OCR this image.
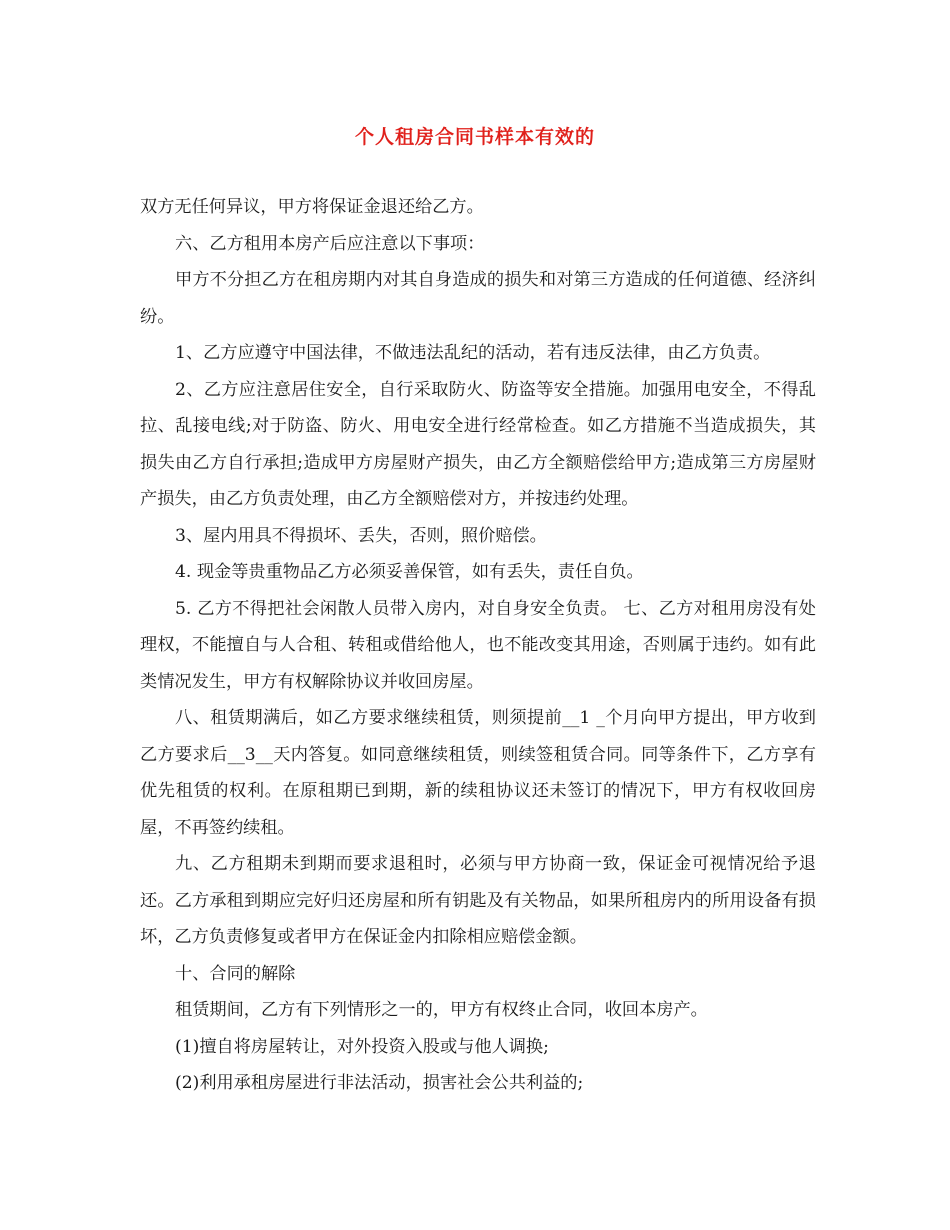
个人租房合同书样本有效的

双方无任何异议，甲方将保证金退还给乙方。

六、乙方租用本房产后应注意以下事项：

甲方不分担乙方在租房期内对其自身造成的损失和对第三方造成的任何道德、经济纠纷。

1、乙方应遵守中国法律，不做违法乱纪的活动，若有违反法律，由乙方负责。

2、乙方应注意居住安全，自行采取防火、防盗等安全措施。加强用电安全，不得乱拉、乱接电线;对于防盗、防火、用电安全进行经常检查。如乙方措施不当造成损失，其损失由乙方自行承担;造成甲方房屋财产损失，由乙方全额赔偿给甲方;造成第三方房屋财产损失，由乙方负责处理，由乙方全额赔偿对方，并按违约处理。

3、屋内用具不得损坏、丢失，否则，照价赔偿。

4. 现金等贵重物品乙方必须妥善保管，如有丢失，责任自负。

5. 乙方不得把社会闲散人员带入房内，对自身安全负责。 七、乙方对租用房没有处理权，不能擅自与人合租、转租或借给他人，也不能改变其用途，否则属于违约。如有此类情况发生，甲方有权解除协议并收回房屋。

八、租赁期满后，如乙方要求继续租赁，则须提前__1 _个月向甲方提出，甲方收到乙方要求后__3__天内答复。如同意继续租赁，则续签租赁合同。同等条件下，乙方享有优先租赁的权利。在原租期已到期，新的续租协议还未签订的情况下，甲方有权收回房屋，不再签约续租。

九、乙方租期未到期而要求退租时，必须与甲方协商一致，保证金可视情况给予退还。乙方承租到期应完好归还房屋和所有钥匙及有关物品，如果所租房内的所用设备有损坏，乙方负责修复或者甲方在保证金内扣除相应赔偿金额。

十、合同的解除

租赁期间，乙方有下列情形之一的，甲方有权终止合同，收回本房产。

(1)擅自将房屋转让，对外投资入股或与他人调换;

(2)利用承租房屋进行非法活动，损害社会公共利益的;
